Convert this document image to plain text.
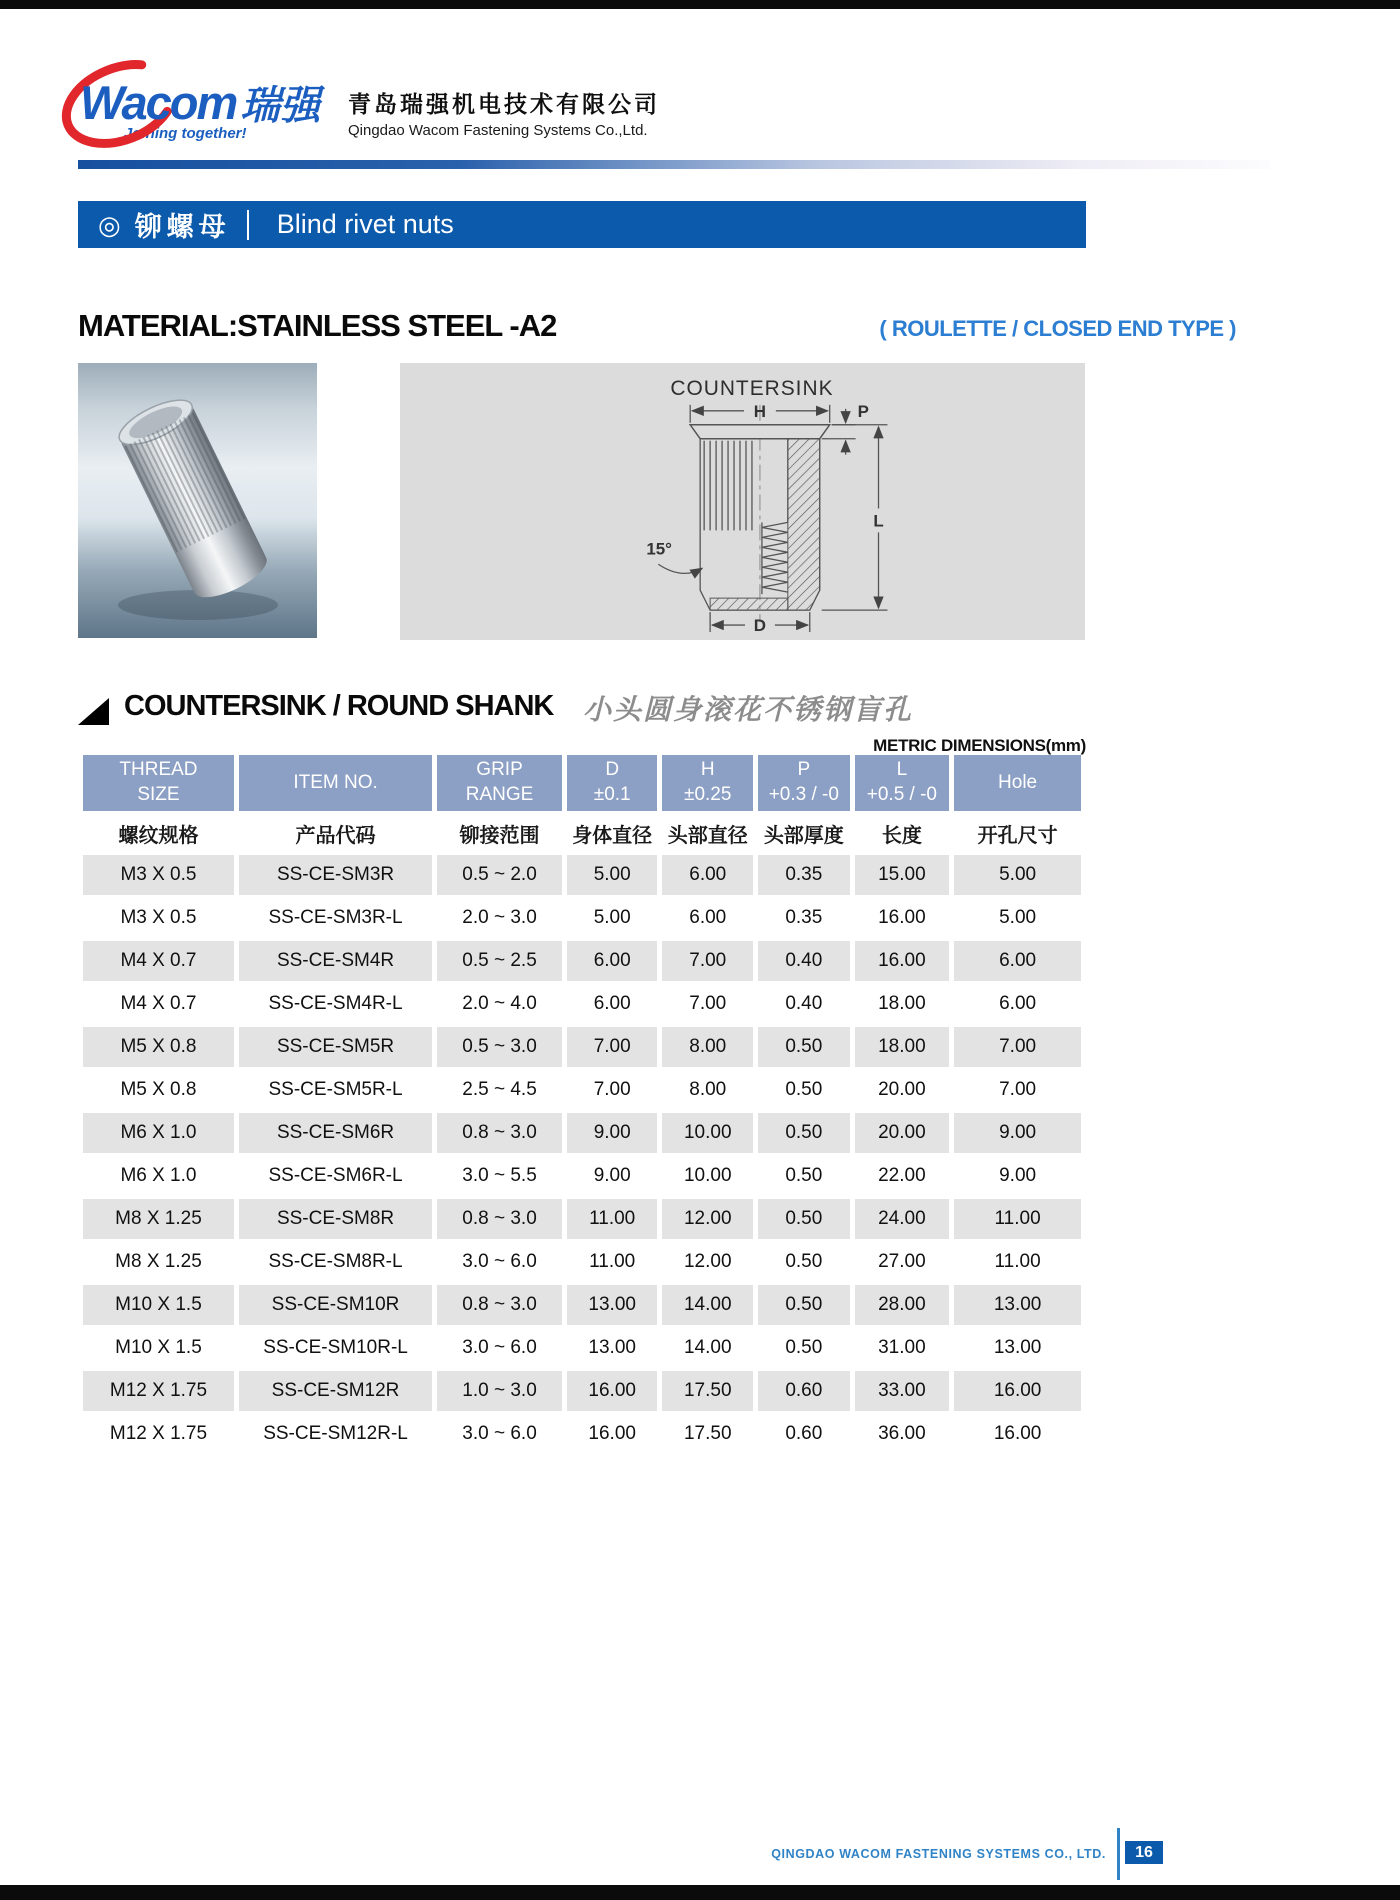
Wacom 瑞强
Joining together!
青岛瑞强机电技术有限公司
Qingdao Wacom Fastening Systems Co.,Ltd.
◎ 铆螺母 Blind rivet nuts
MATERIAL:STAINLESS STEEL -A2	( ROULETTE / CLOSED END TYPE )
COUNTERSINK
H	P
L
D
15°
COUNTERSINK / ROUND SHANK 小头圆身滚花不锈钢盲孔
METRIC DIMENSIONS(mm)
THREAD
SIZE

ITEM NO.

GRIP
RANGE

D
±0.1

H
±0.25

P
+0.3 / -0

L
+0.5 / -0

Hole

螺纹规格	产品代码	铆接范围	身体直径	头部直径	头部厚度	长度	开孔尺寸
M3 X 0.5	SS-CE-SM3R	0.5 ~ 2.0	5.00	6.00	0.35	15.00	5.00
M3 X 0.5	SS-CE-SM3R-L	2.0 ~ 3.0	5.00	6.00	0.35	16.00	5.00
M4 X 0.7	SS-CE-SM4R	0.5 ~ 2.5	6.00	7.00	0.40	16.00	6.00
M4 X 0.7	SS-CE-SM4R-L	2.0 ~ 4.0	6.00	7.00	0.40	18.00	6.00
M5 X 0.8	SS-CE-SM5R	0.5 ~ 3.0	7.00	8.00	0.50	18.00	7.00
M5 X 0.8	SS-CE-SM5R-L	2.5 ~ 4.5	7.00	8.00	0.50	20.00	7.00
M6 X 1.0	SS-CE-SM6R	0.8 ~ 3.0	9.00	10.00	0.50	20.00	9.00
M6 X 1.0	SS-CE-SM6R-L	3.0 ~ 5.5	9.00	10.00	0.50	22.00	9.00
M8 X 1.25	SS-CE-SM8R	0.8 ~ 3.0	11.00	12.00	0.50	24.00	11.00
M8 X 1.25	SS-CE-SM8R-L	3.0 ~ 6.0	11.00	12.00	0.50	27.00	11.00
M10 X 1.5	SS-CE-SM10R	0.8 ~ 3.0	13.00	14.00	0.50	28.00	13.00
M10 X 1.5	SS-CE-SM10R-L	3.0 ~ 6.0	13.00	14.00	0.50	31.00	13.00
M12 X 1.75	SS-CE-SM12R	1.0 ~ 3.0	16.00	17.50	0.60	33.00	16.00
M12 X 1.75	SS-CE-SM12R-L	3.0 ~ 6.0	16.00	17.50	0.60	36.00	16.00
QINGDAO WACOM FASTENING SYSTEMS CO., LTD.	16
